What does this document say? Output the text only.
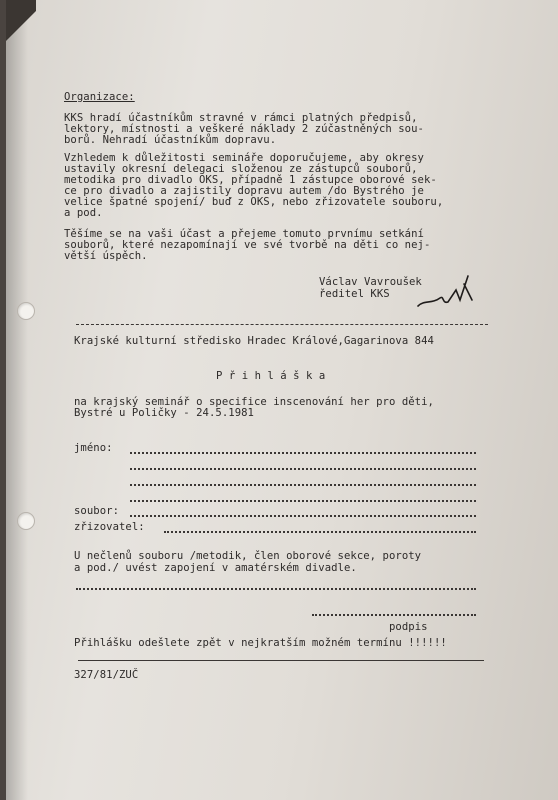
Organizace:

KKS hradí účastníkům stravné v rámci platných předpisů,

lektory, místnosti a veškeré náklady 2 zúčastněných sou-

borů. Nehradí účastníkům dopravu.

Vzhledem k důležitosti semináře doporučujeme, aby okresy

ustavily okresní delegaci složenou ze zástupců souborů,

metodika pro divadlo OKS, případně 1 zástupce oborové sek-

ce pro divadlo a zajistily dopravu autem /do Bystrého je

velice špatné spojení/ buď z OKS, nebo zřizovatele souboru,

a pod.

Těšíme se na vaši účast a přejeme tomuto prvnímu setkání

souborů, které nezapomínají ve své tvorbě na děti co nej-

větší úspěch.

Václav Vavroušek

ředitel KKS

Krajské kulturní středisko Hradec Králové,Gagarinova 844

P ř i h l á š k a

na krajský seminář o specifice inscenování her pro děti,

Bystré u Poličky - 24.5.1981

jméno:

soubor:

zřizovatel:

U nečlenů souboru /metodik, člen oborové sekce, poroty

a pod./ uvést zapojení v amatérském divadle.

podpis

Přihlášku odešlete zpět v nejkratším možném termínu !!!!!!

327/81/ZUČ
